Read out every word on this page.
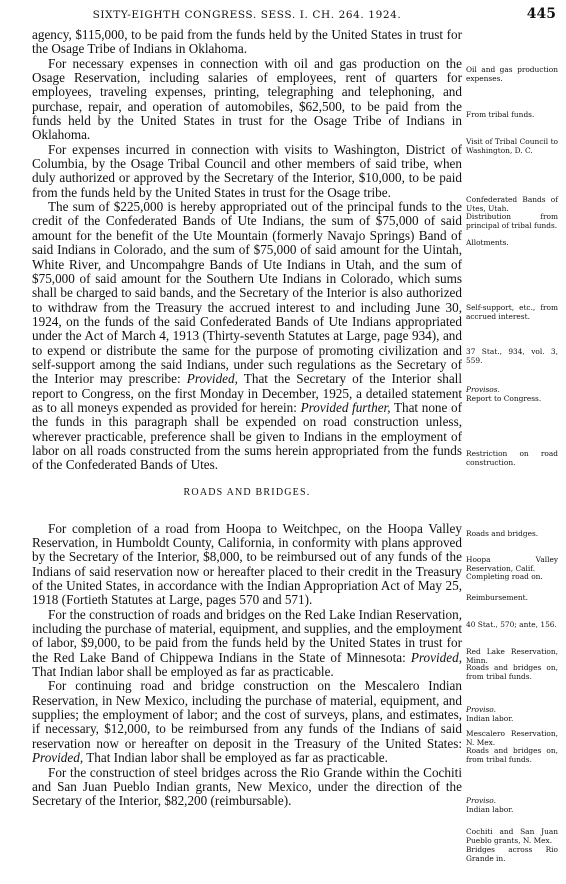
SIXTY-EIGHTH CONGRESS. SESS. I. CH. 264. 1924.	445

agency, $115,000, to be paid from the funds held by the United States in trust for the Osage Tribe of Indians in Oklahoma.

For necessary expenses in connection with oil and gas production on the Osage Reservation, including salaries of employees, rent of quarters for employees, traveling expenses, printing, telegraphing and telephoning, and purchase, repair, and operation of automobiles, $62,500, to be paid from the funds held by the United States in trust for the Osage Tribe of Indians in Oklahoma.

For expenses incurred in connection with visits to Washington, District of Columbia, by the Osage Tribal Council and other members of said tribe, when duly authorized or approved by the Secretary of the Interior, $10,000, to be paid from the funds held by the United States in trust for the Osage tribe.

The sum of $225,000 is hereby appropriated out of the principal funds to the credit of the Confederated Bands of Ute Indians, the sum of $75,000 of said amount for the benefit of the Ute Mountain (formerly Navajo Springs) Band of said Indians in Colorado, and the sum of $75,000 of said amount for the Uintah, White River, and Uncompahgre Bands of Ute Indians in Utah, and the sum of $75,000 of said amount for the Southern Ute Indians in Colorado, which sums shall be charged to said bands, and the Secretary of the Interior is also authorized to withdraw from the Treasury the accrued interest to and including June 30, 1924, on the funds of the said Confederated Bands of Ute Indians appropriated under the Act of March 4, 1913 (Thirty-seventh Statutes at Large, page 934), and to expend or distribute the same for the purpose of promoting civilization and self-support among the said Indians, under such regulations as the Secretary of the Interior may prescribe: Provided, That the Secretary of the Interior shall report to Congress, on the first Monday in December, 1925, a detailed statement as to all moneys expended as provided for herein: Provided further, That none of the funds in this paragraph shall be expended on road construction unless, wherever practicable, preference shall be given to Indians in the employment of labor on all roads constructed from the sums herein appropriated from the funds of the Confederated Bands of Utes.

ROADS AND BRIDGES.

For completion of a road from Hoopa to Weitchpec, on the Hoopa Valley Reservation, in Humboldt County, California, in conformity with plans approved by the Secretary of the Interior, $8,000, to be reimbursed out of any funds of the Indians of said reservation now or hereafter placed to their credit in the Treasury of the United States, in accordance with the Indian Appropriation Act of May 25, 1918 (Fortieth Statutes at Large, pages 570 and 571).

For the construction of roads and bridges on the Red Lake Indian Reservation, including the purchase of material, equipment, and supplies, and the employment of labor, $9,000, to be paid from the funds held by the United States in trust for the Red Lake Band of Chippewa Indians in the State of Minnesota: Provided, That Indian labor shall be employed as far as practicable.

For continuing road and bridge construction on the Mescalero Indian Reservation, in New Mexico, including the purchase of material, equipment, and supplies; the employment of labor; and the cost of surveys, plans, and estimates, if necessary, $12,000, to be reimbursed from any funds of the Indians of said reservation now or hereafter on deposit in the Treasury of the United States: Provided, That Indian labor shall be employed as far as practicable.

For the construction of steel bridges across the Rio Grande within the Cochiti and San Juan Pueblo Indian grants, New Mexico, under the direction of the Secretary of the Interior, $82,200 (reimbursable).

Oil and gas production expenses.
From tribal funds.
Visit of Tribal Council to Washington, D. C.
Confederated Bands of Utes, Utah.
Distribution from principal of tribal funds.
Allotments.
Self-support, etc., from accrued interest.
37 Stat., 934, vol. 3, 559.
Provisos.
Report to Congress.
Restriction on road construction.
Roads and bridges.
Hoopa Valley Reservation, Calif.
Completing road on.
Reimbursement.
40 Stat., 570; ante, 156.
Red Lake Reservation, Minn.
Roads and bridges on, from tribal funds.
Proviso.
Indian labor.
Mescalero Reservation, N. Mex.
Roads and bridges on, from tribal funds.
Proviso.
Indian labor.
Cochiti and San Juan Pueblo grants, N. Mex.
Bridges across Rio Grande in.
